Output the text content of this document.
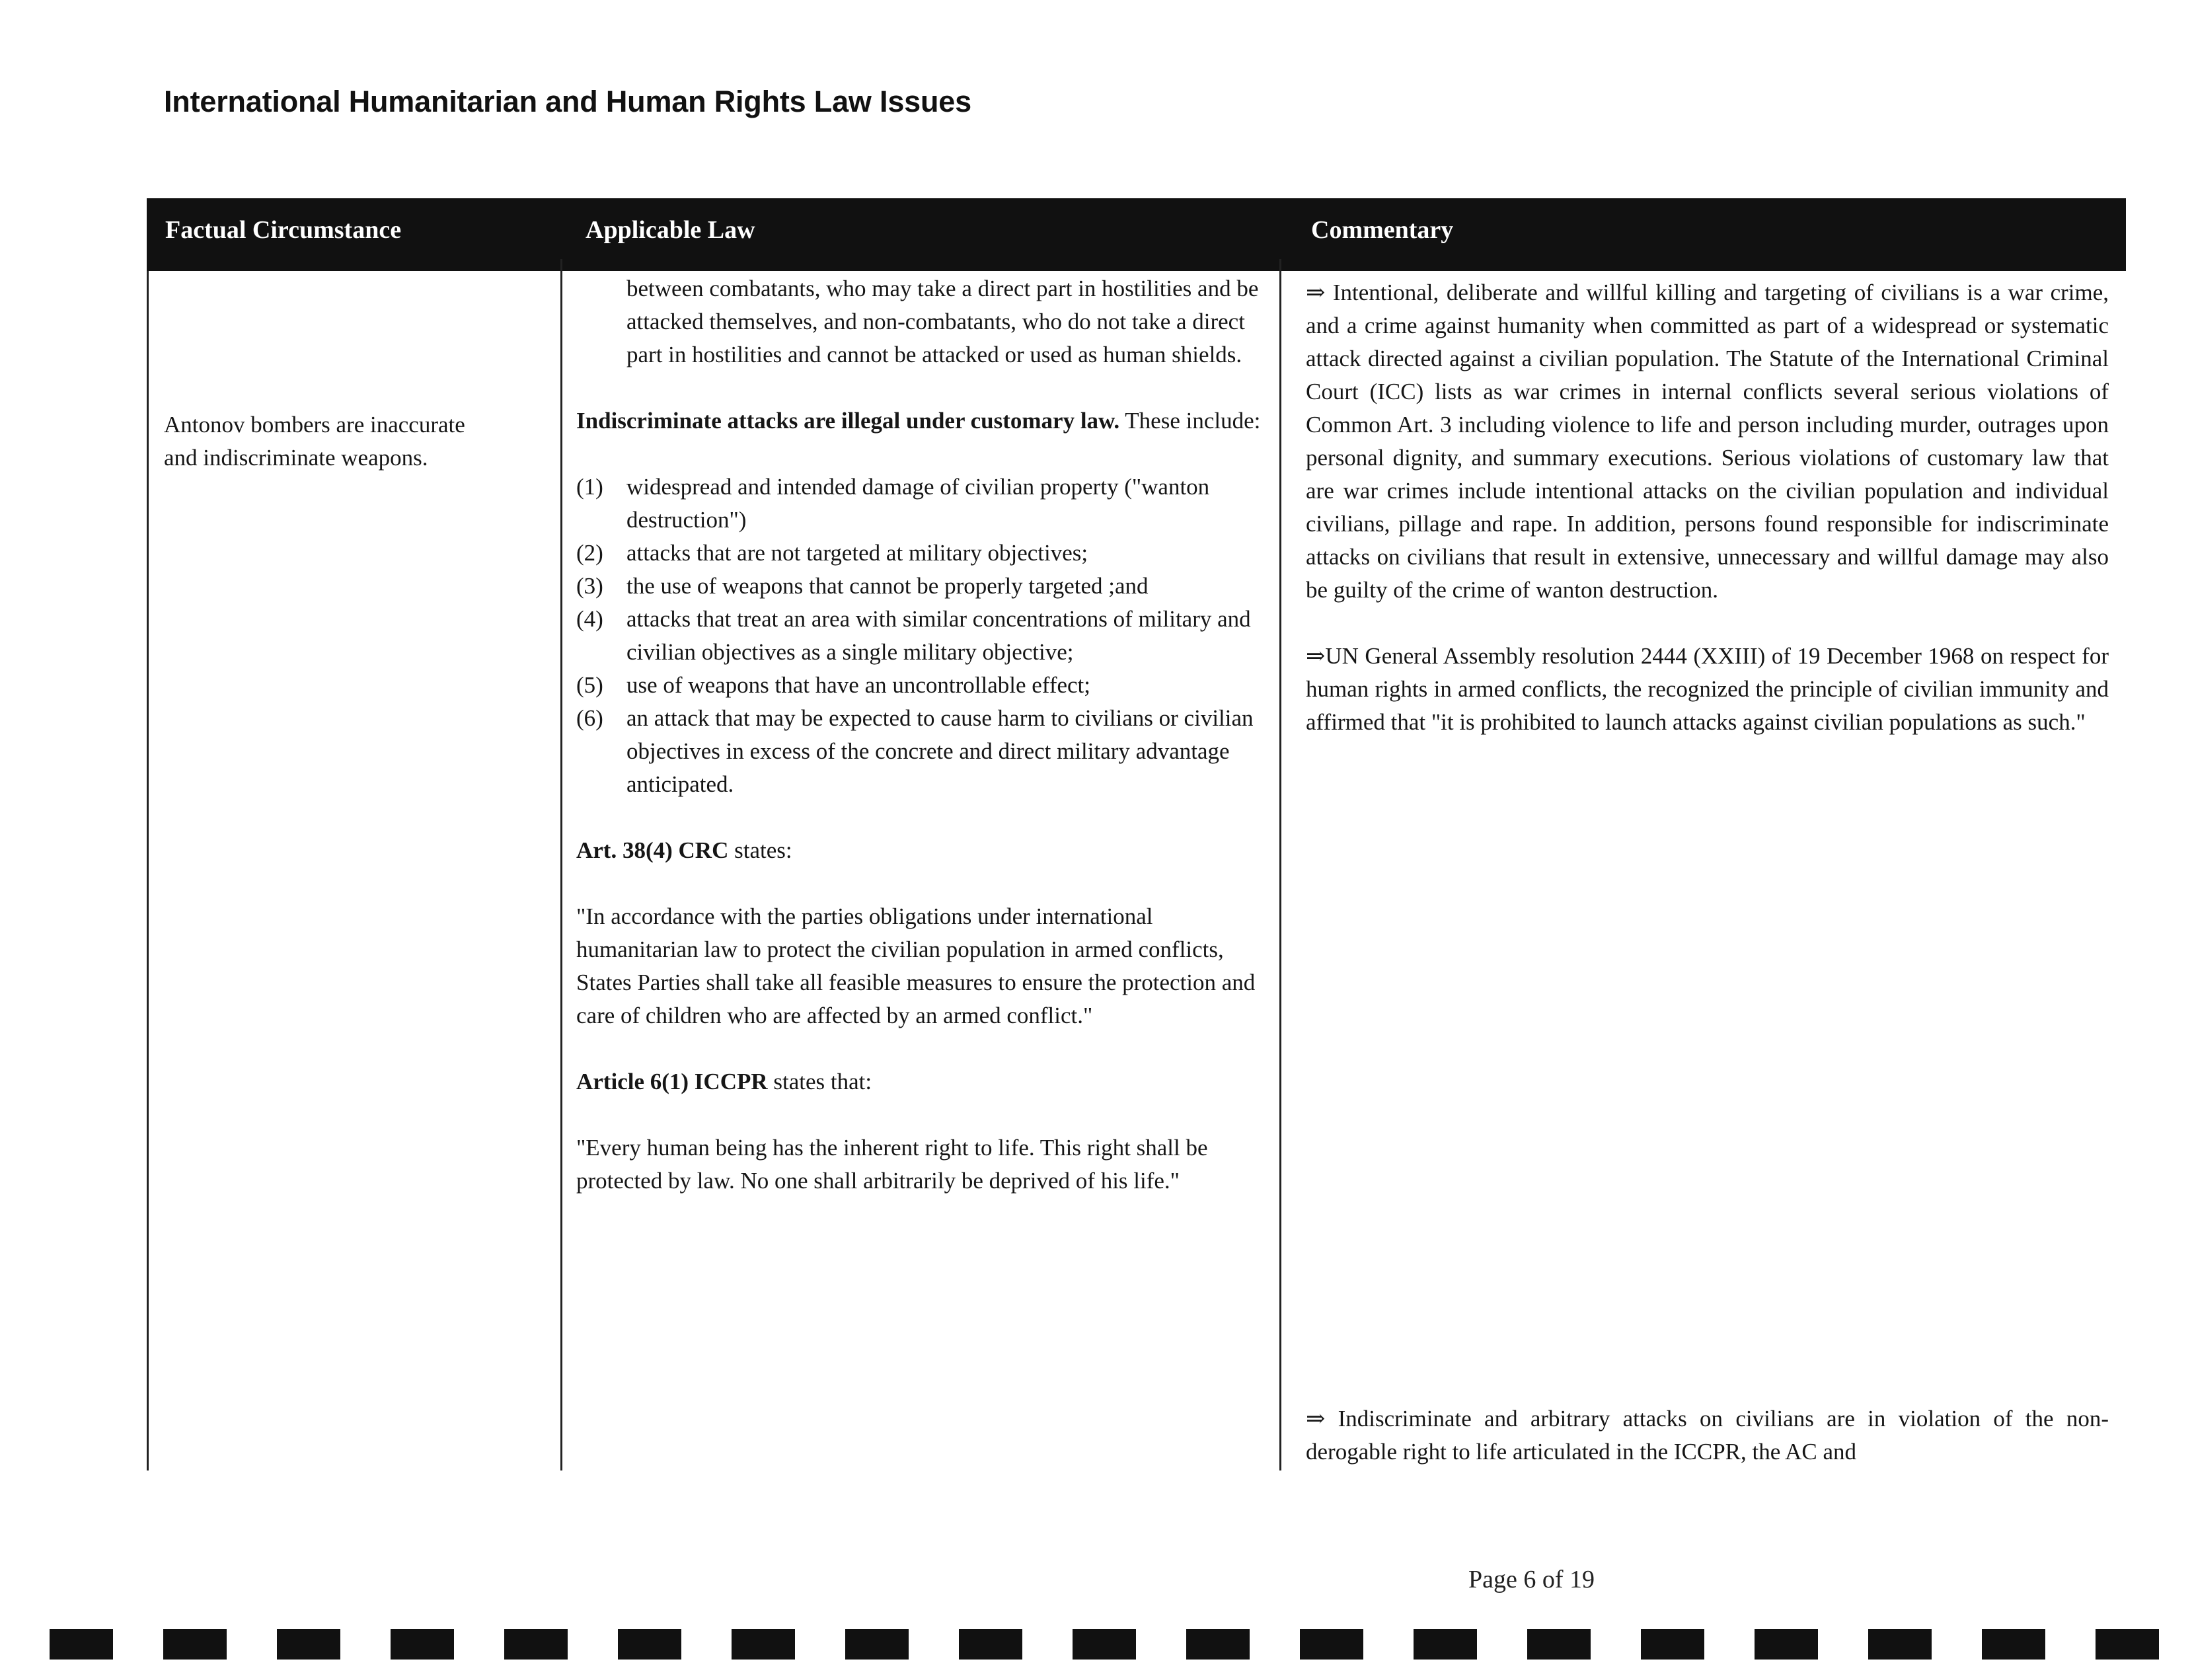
International Humanitarian and Human Rights Law Issues
Factual Circumstance	Applicable Law	Commentary
Antonov bombers are inaccurate
and indiscriminate weapons.

between combatants, who may take a direct part in hostilities and be attacked themselves, and non-combatants, who do not take a direct part in hostilities and cannot be attacked or used as human shields.

Indiscriminate attacks are illegal under customary law. These include:

(1) widespread and intended damage of civilian property ("wanton destruction")
(2) attacks that are not targeted at military objectives;
(3) the use of weapons that cannot be properly targeted ;and
(4) attacks that treat an area with similar concentrations of military and civilian objectives as a single military objective;
(5) use of weapons that have an uncontrollable effect;
(6) an attack that may be expected to cause harm to civilians or civilian objectives in excess of the concrete and direct military advantage anticipated.

Art. 38(4) CRC states:

"In accordance with the parties obligations under international humanitarian law to protect the civilian population in armed conflicts, States Parties shall take all feasible measures to ensure the protection and care of children who are affected by an armed conflict."

Article 6(1) ICCPR states that:

"Every human being has the inherent right to life. This right shall be protected by law. No one shall arbitrarily be deprived of his life."

⇒ Intentional, deliberate and willful killing and targeting of civilians is a war crime, and a crime against humanity when committed as part of a widespread or systematic attack directed against a civilian population. The Statute of the International Criminal Court (ICC) lists as war crimes in internal conflicts several serious violations of Common Art. 3 including violence to life and person including murder, outrages upon personal dignity, and summary executions. Serious violations of customary law that are war crimes include intentional attacks on the civilian population and individual civilians, pillage and rape. In addition, persons found responsible for indiscriminate attacks on civilians that result in extensive, unnecessary and willful damage may also be guilty of the crime of wanton destruction.

⇒UN General Assembly resolution 2444 (XXIII) of 19 December 1968 on respect for human rights in armed conflicts, the recognized the principle of civilian immunity and affirmed that "it is prohibited to launch attacks against civilian populations as such."

⇒ Indiscriminate and arbitrary attacks on civilians are in violation of the non-derogable right to life articulated in the ICCPR, the AC and
Page 6 of 19
